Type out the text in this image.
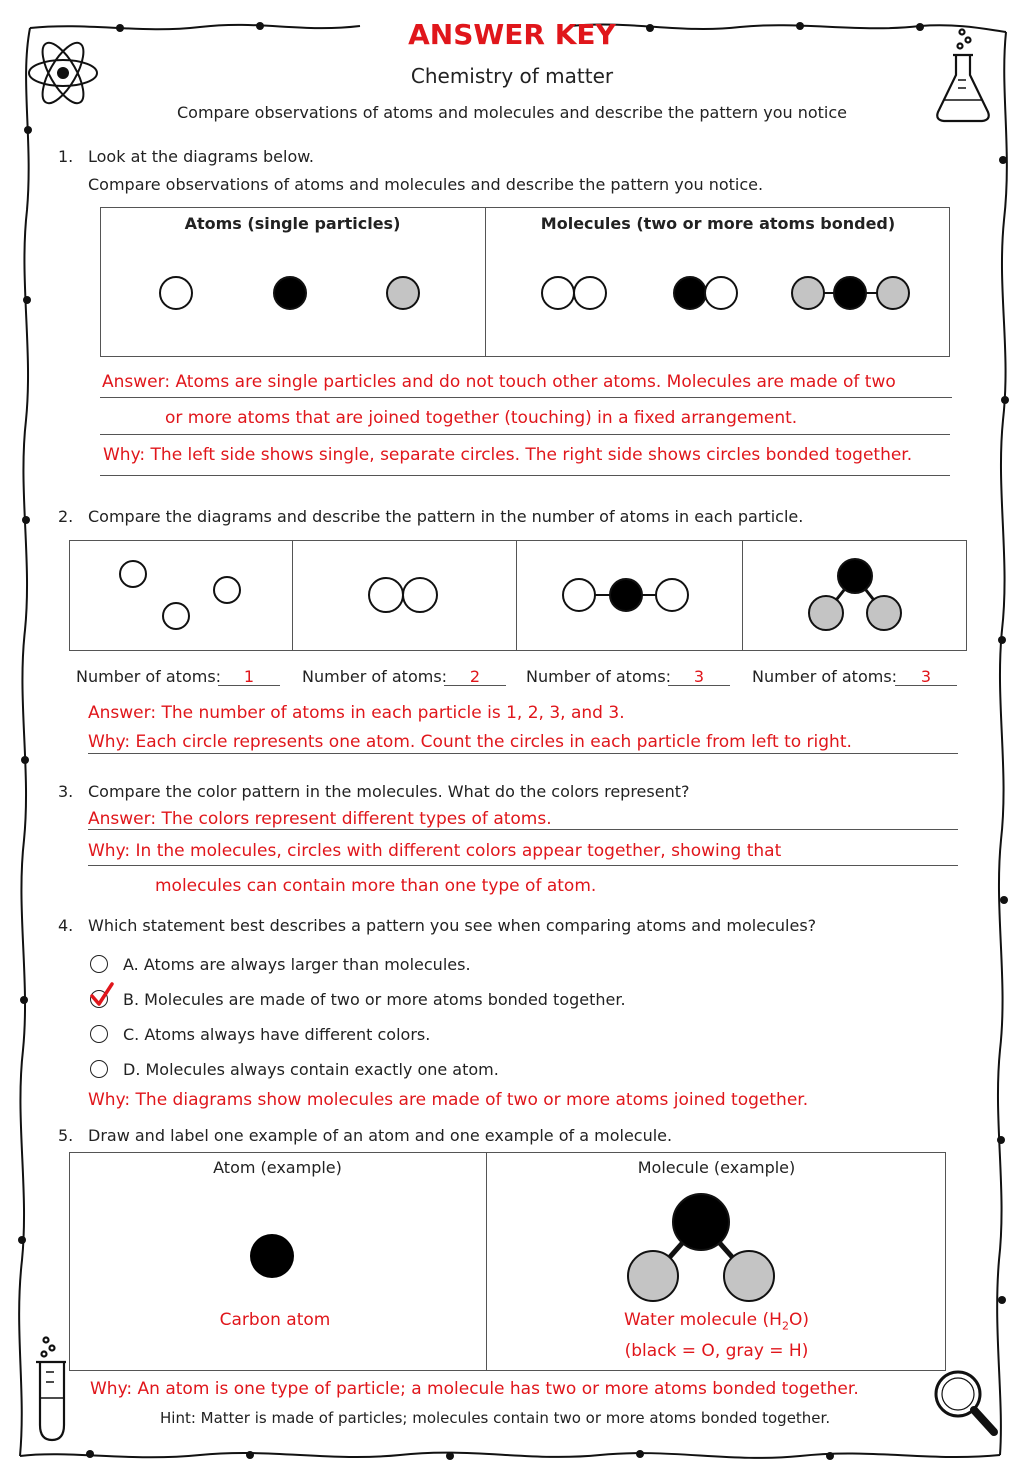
ANSWER KEY
Chemistry of matter
Compare observations of atoms and molecules and describe the pattern you notice
1. Look at the diagrams below.
Compare observations of atoms and molecules and describe the pattern you notice.
Atoms (single particles)	Molecules (two or more atoms bonded)
Answer: Atoms are single particles and do not touch other atoms. Molecules are made of two
or more atoms that are joined together (touching) in a fixed arrangement.
Why: The left side shows single, separate circles. The right side shows circles bonded together.
2. Compare the diagrams and describe the pattern in the number of atoms in each particle.
Number of atoms:	1	Number of atoms:	2	Number of atoms:	3	Number of atoms:	3
Answer: The number of atoms in each particle is 1, 2, 3, and 3.
Why: Each circle represents one atom. Count the circles in each particle from left to right.
3. Compare the color pattern in the molecules. What do the colors represent?
Answer: The colors represent different types of atoms.
Why: In the molecules, circles with different colors appear together, showing that
molecules can contain more than one type of atom.
4. Which statement best describes a pattern you see when comparing atoms and molecules?
A. Atoms are always larger than molecules.
B. Molecules are made of two or more atoms bonded together.
C. Atoms always have different colors.
D. Molecules always contain exactly one atom.
Why: The diagrams show molecules are made of two or more atoms joined together.
5. Draw and label one example of an atom and one example of a molecule.
Atom (example)	Molecule (example)
Carbon atom	Water molecule $(H_2O)$
(black = O, gray = H)
Why: An atom is one type of particle; a molecule has two or more atoms bonded together.
Hint: Matter is made of particles; molecules contain two or more atoms bonded together.
